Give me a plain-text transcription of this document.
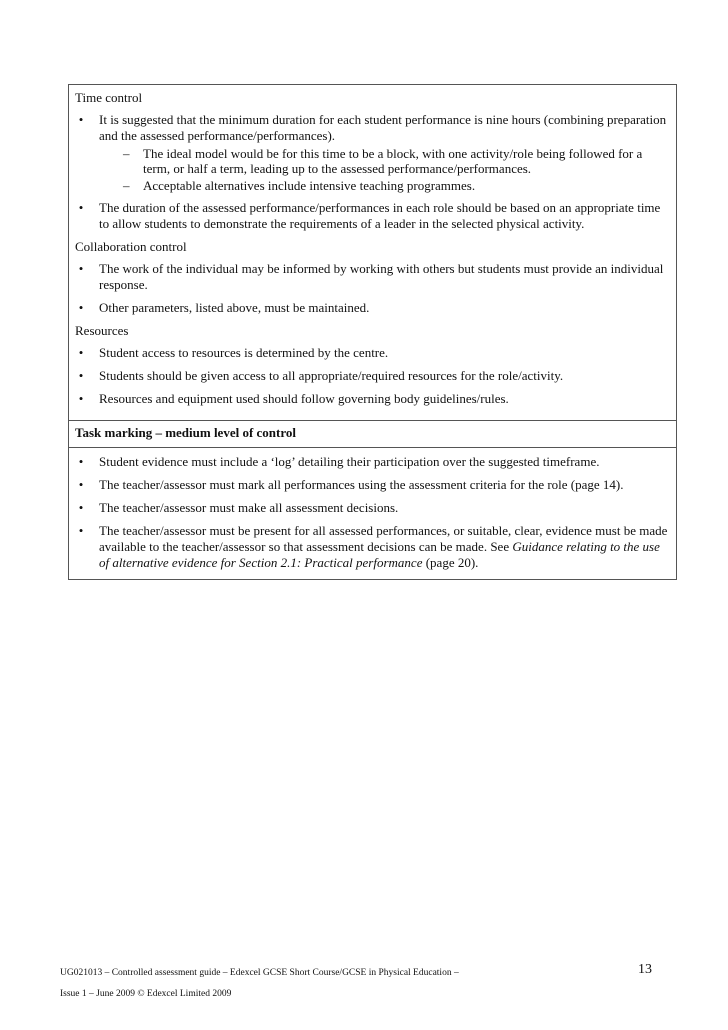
Time control
• It is suggested that the minimum duration for each student performance is nine hours (combining preparation and the assessed performance/performances).
– The ideal model would be for this time to be a block, with one activity/role being followed for a term, or half a term, leading up to the assessed performance/performances.
– Acceptable alternatives include intensive teaching programmes.
• The duration of the assessed performance/performances in each role should be based on an appropriate time to allow students to demonstrate the requirements of a leader in the selected physical activity.
Collaboration control
• The work of the individual may be informed by working with others but students must provide an individual response.
• Other parameters, listed above, must be maintained.
Resources
• Student access to resources is determined by the centre.
• Students should be given access to all appropriate/required resources for the role/activity.
• Resources and equipment used should follow governing body guidelines/rules.
Task marking – medium level of control
• Student evidence must include a ‘log’ detailing their participation over the suggested timeframe.
• The teacher/assessor must mark all performances using the assessment criteria for the role (page 14).
• The teacher/assessor must make all assessment decisions.
• The teacher/assessor must be present for all assessed performances, or suitable, clear, evidence must be made available to the teacher/assessor so that assessment decisions can be made. See Guidance relating to the use of alternative evidence for Section 2.1: Practical performance (page 20).
UG021013 – Controlled assessment guide – Edexcel GCSE Short Course/GCSE in Physical Education –
Issue 1 – June 2009 © Edexcel Limited 2009
13
